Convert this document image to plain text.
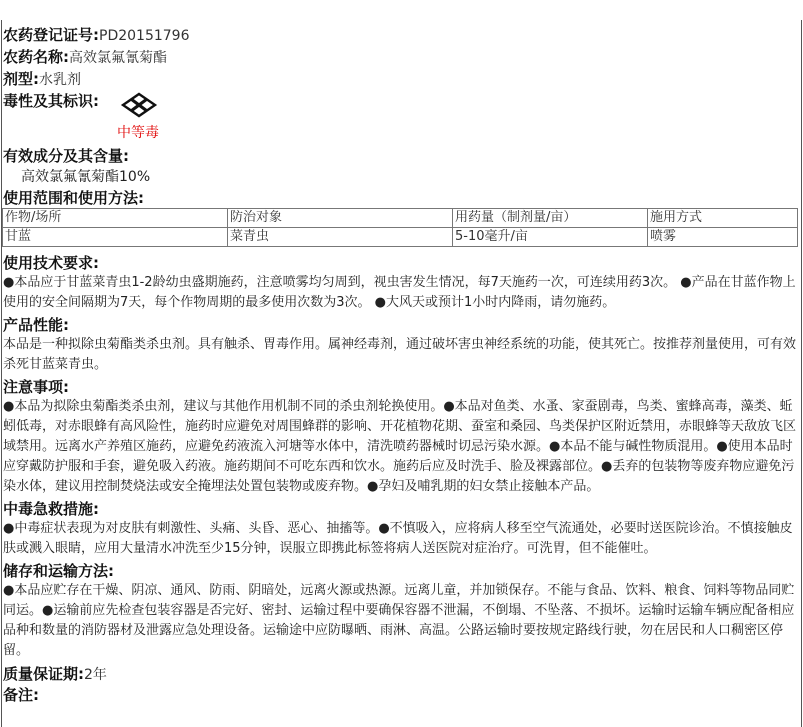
农药登记证号:PD20151796
农药名称:高效氯氟氰菊酯
剂型:水乳剂
毒性及其标识:
中等毒
有效成分及其含量:
高效氯氟氰菊酯10%
使用范围和使用方法:
作物/场所	防治对象	用药量（制剂量/亩）	施用方式
甘蓝	菜青虫	5-10毫升/亩	喷雾
使用技术要求:
●本品应于甘蓝菜青虫1-2龄幼虫盛期施药，注意喷雾均匀周到，视虫害发生情况，每7天施药一次，可连续用药3次。 ●产品在甘蓝作物上使用的安全间隔期为7天，每个作物周期的最多使用次数为3次。 ●大风天或预计1小时内降雨，请勿施药。
产品性能:
本品是一种拟除虫菊酯类杀虫剂。具有触杀、胃毒作用。属神经毒剂，通过破坏害虫神经系统的功能，使其死亡。按推荐剂量使用，可有效杀死甘蓝菜青虫。
注意事项:
●本品为拟除虫菊酯类杀虫剂，建议与其他作用机制不同的杀虫剂轮换使用。●本品对鱼类、水蚤、家蚕剧毒，鸟类、蜜蜂高毒，藻类、蚯蚓低毒，对赤眼蜂有高风险性，施药时应避免对周围蜂群的影响、开花植物花期、蚕室和桑园、鸟类保护区附近禁用，赤眼蜂等天敌放飞区域禁用。远离水产养殖区施药，应避免药液流入河塘等水体中，清洗喷药器械时切忌污染水源。●本品不能与碱性物质混用。●使用本品时应穿戴防护服和手套，避免吸入药液。施药期间不可吃东西和饮水。施药后应及时洗手、脸及裸露部位。●丢弃的包装物等废弃物应避免污染水体，建议用控制焚烧法或安全掩埋法处置包装物或废弃物。●孕妇及哺乳期的妇女禁止接触本产品。
中毒急救措施:
●中毒症状表现为对皮肤有刺激性、头痛、头昏、恶心、抽搐等。●不慎吸入，应将病人移至空气流通处，必要时送医院诊治。不慎接触皮肤或溅入眼睛，应用大量清水冲洗至少15分钟，误服立即携此标签将病人送医院对症治疗。可洗胃，但不能催吐。
储存和运输方法:
●本品应贮存在干燥、阴凉、通风、防雨、阴暗处，远离火源或热源。远离儿童，并加锁保存。不能与食品、饮料、粮食、饲料等物品同贮同运。●运输前应先检查包装容器是否完好、密封、运输过程中要确保容器不泄漏，不倒塌、不坠落、不损坏。运输时运输车辆应配备相应品种和数量的消防器材及泄露应急处理设备。运输途中应防曝晒、雨淋、高温。公路运输时要按规定路线行驶，勿在居民和人口稠密区停留。
质量保证期:2年
备注:
